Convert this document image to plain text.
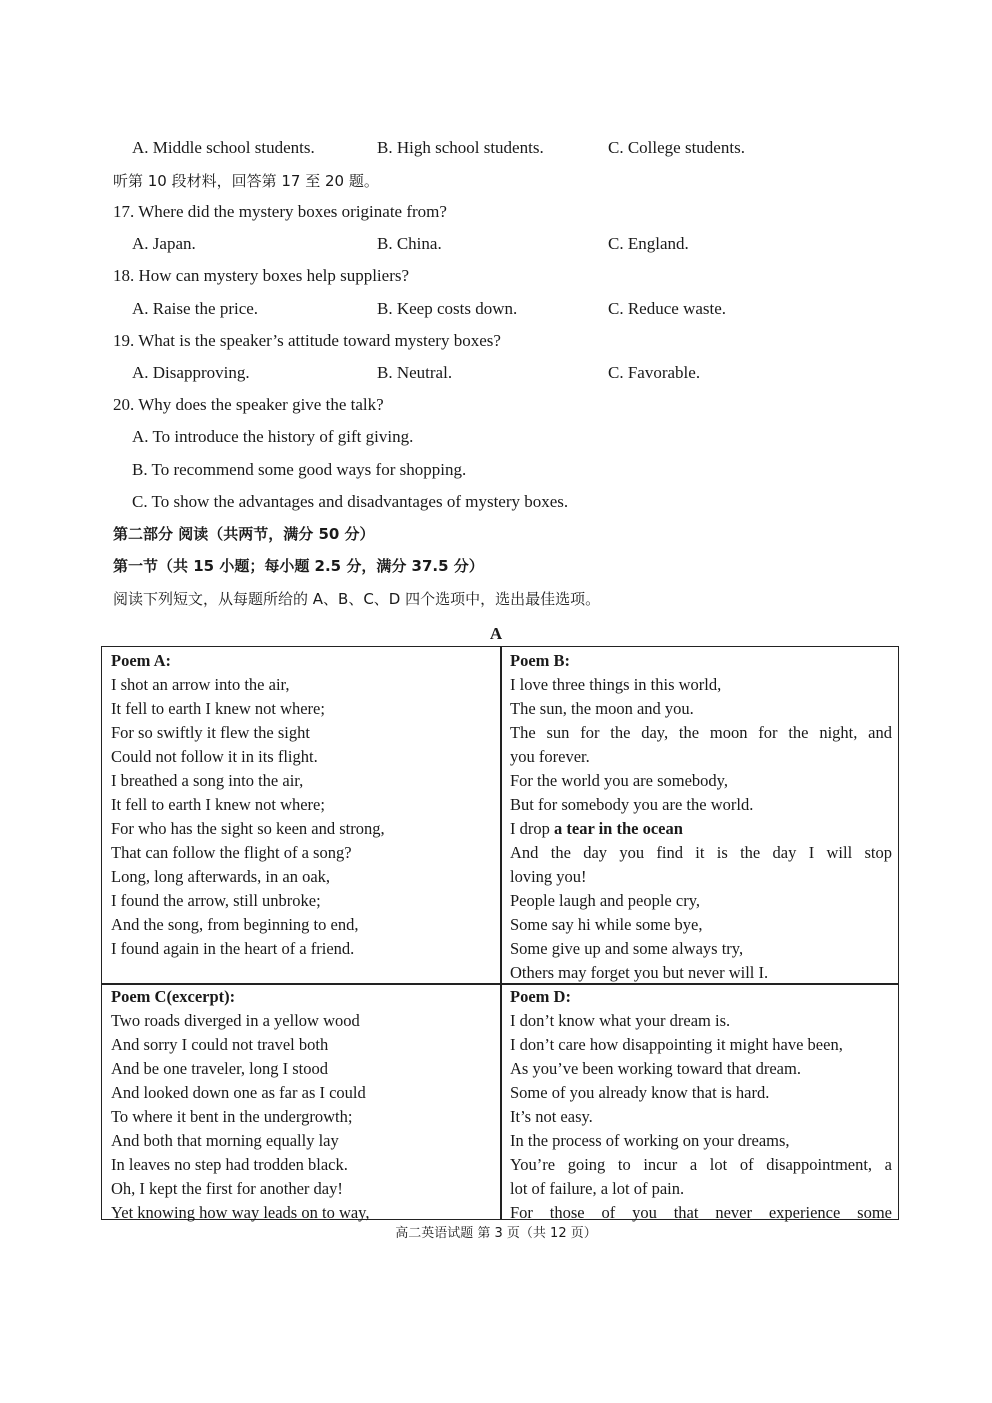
A. Middle school students.	B. High school students.	C. College students.
听第 10 段材料，回答第 17 至 20 题。
17. Where did the mystery boxes originate from?
A. Japan.	B. China.	C. England.
18. How can mystery boxes help suppliers?
A. Raise the price.	B. Keep costs down.	C. Reduce waste.
19. What is the speaker’s attitude toward mystery boxes?
A. Disapproving.	B. Neutral.	C. Favorable.
20. Why does the speaker give the talk?
A. To introduce the history of gift giving.
B. To recommend some good ways for shopping.
C. To show the advantages and disadvantages of mystery boxes.
第二部分 阅读（共两节，满分 50 分）
第一节（共 15 小题；每小题 2.5 分，满分 37.5 分）
阅读下列短文，从每题所给的 A、B、C、D 四个选项中，选出最佳选项。
A
Poem A:
I shot an arrow into the air,
It fell to earth I knew not where;
For so swiftly it flew the sight
Could not follow it in its flight.
I breathed a song into the air,
It fell to earth I knew not where;
For who has the sight so keen and strong,
That can follow the flight of a song?
Long, long afterwards, in an oak,
I found the arrow, still unbroke;
And the song, from beginning to end,
I found again in the heart of a friend.
Poem B:
I love three things in this world,
The sun, the moon and you.
The sun for the day, the moon for the night, and
you forever.
For the world you are somebody,
But for somebody you are the world.
I drop a tear in the ocean
And the day you find it is the day I will stop
loving you!
People laugh and people cry,
Some say hi while some bye,
Some give up and some always try,
Others may forget you but never will I.
Poem C(excerpt):
Two roads diverged in a yellow wood
And sorry I could not travel both
And be one traveler, long I stood
And looked down one as far as I could
To where it bent in the undergrowth;
And both that morning equally lay
In leaves no step had trodden black.
Oh, I kept the first for another day!
Yet knowing how way leads on to way,
Poem D:
I don’t know what your dream is.
I don’t care how disappointing it might have been,
As you’ve been working toward that dream.
Some of you already know that is hard.
It’s not easy.
In the process of working on your dreams,
You’re going to incur a lot of disappointment, a
lot of failure, a lot of pain.
For those of you that never experience some
高二英语试题 第 3 页（共 12 页）
